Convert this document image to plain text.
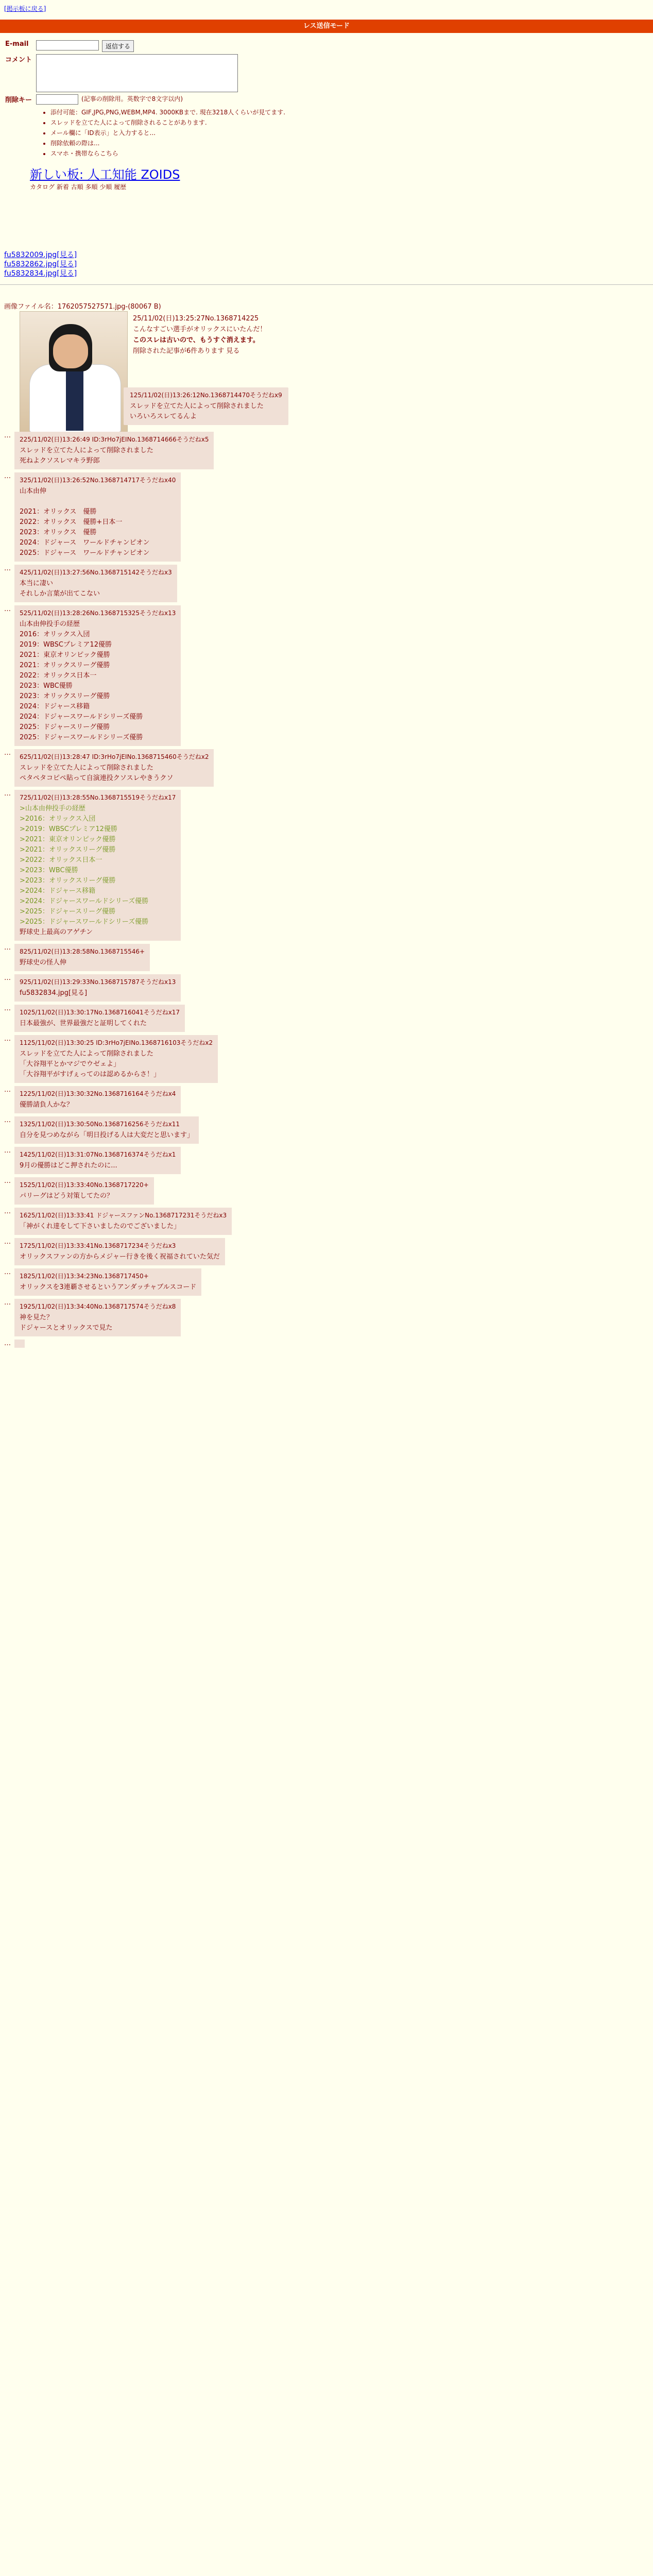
[掲示板に戻る]
レス送信モード
E-mail	返信する
コメント
削除キー	(記事の削除用。英数字で8文字以内)
• 添付可能：GIF,JPG,PNG,WEBM,MP4. 3000KBまで. 現在3218人くらいが見てます.
• スレッドを立てた人によって削除されることがあります.
• メール欄に「ID表示」と入力すると...
• 削除依頼の際は...
• スマホ・携帯ならこちら
新しい板: 人工知能 ZOIDS
カタログ 新着 古順 多順 少順 履歴
fu5832009.jpg[見る]
fu5832862.jpg[見る]
fu5832834.jpg[見る]
画像ファイル名：1762057527571.jpg-(80067 B)
25/11/02(日)13:25:27No.1368714225
こんなすごい選手がオリックスにいたんだ！
このスレは古いので、もうすぐ消えます。
削除された記事が6件あります 見る
125/11/02(日)13:26:12No.1368714470そうだねx9
スレッドを立てた人によって削除されました
いろいろスレてるんよ
…	225/11/02(日)13:26:49 ID:3rHo7jEINo.1368714666そうだねx5
スレッドを立てた人によって削除されました
死ねよクソスレマキラ野郎
…	325/11/02(日)13:26:52No.1368714717そうだねx40
山本由伸

2021：オリックス　優勝
2022：オリックス　優勝+日本一
2023：オリックス　優勝
2024：ドジャース　ワールドチャンピオン
2025：ドジャース　ワールドチャンピオン
…	425/11/02(日)13:27:56No.1368715142そうだねx3
本当に凄い
それしか言葉が出てこない
…	525/11/02(日)13:28:26No.1368715325そうだねx13
山本由伸投手の経歴
2016：オリックス入団
2019：WBSCプレミア12優勝
2021：東京オリンピック優勝
2021：オリックスリーグ優勝
2022：オリックス日本一
2023：WBC優勝
2023：オリックスリーグ優勝
2024：ドジャース移籍
2024：ドジャースワールドシリーズ優勝
2025：ドジャースリーグ優勝
2025：ドジャースワールドシリーズ優勝
…	625/11/02(日)13:28:47 ID:3rHo7jEINo.1368715460そうだねx2
スレッドを立てた人によって削除されました
ペタペタコピペ貼って自演連投クソスレやきうクソ
…	725/11/02(日)13:28:55No.1368715519そうだねx17
>山本由伸投手の経歴
>2016：オリックス入団
>2019：WBSCプレミア12優勝
>2021：東京オリンピック優勝
>2021：オリックスリーグ優勝
>2022：オリックス日本一
>2023：WBC優勝
>2023：オリックスリーグ優勝
>2024：ドジャース移籍
>2024：ドジャースワールドシリーズ優勝
>2025：ドジャースリーグ優勝
>2025：ドジャースワールドシリーズ優勝
野球史上最高のアゲチン
…	825/11/02(日)13:28:58No.1368715546+
野球史の怪人伸
…	925/11/02(日)13:29:33No.1368715787そうだねx13
fu5832834.jpg[見る]
…	1025/11/02(日)13:30:17No.1368716041そうだねx17
日本最強が、世界最強だと証明してくれた
…	1125/11/02(日)13:30:25 ID:3rHo7jEINo.1368716103そうだねx2
スレッドを立てた人によって削除されました
「大谷翔平とかマジでウゼェよ」
「大谷翔平がすげぇってのは認めるからさ！」
…	1225/11/02(日)13:30:32No.1368716164そうだねx4
優勝請負人かな？
…	1325/11/02(日)13:30:50No.1368716256そうだねx11
自分を見つめながら「明日投げる人は大変だと思います」
…	1425/11/02(日)13:31:07No.1368716374そうだねx1
9月の優勝はどこ押されたのに...
…	1525/11/02(日)13:33:40No.1368717220+
パリーグはどう対策してたの？
…	1625/11/02(日)13:33:41 ドジャースファンNo.1368717231そうだねx3
「神がくれ達をして下さいましたのでございました」
…	1725/11/02(日)13:33:41No.1368717234そうだねx3
オリックスファンの方からメジャー行きを後く祝福されていた気だ
…	1825/11/02(日)13:34:23No.1368717450+
オリックスを3連覇させるというアンダッチャブルスコード
…	1925/11/02(日)13:34:40No.1368717574そうだねx8
神を見た？
ドジャースとオリックスで見た
…
